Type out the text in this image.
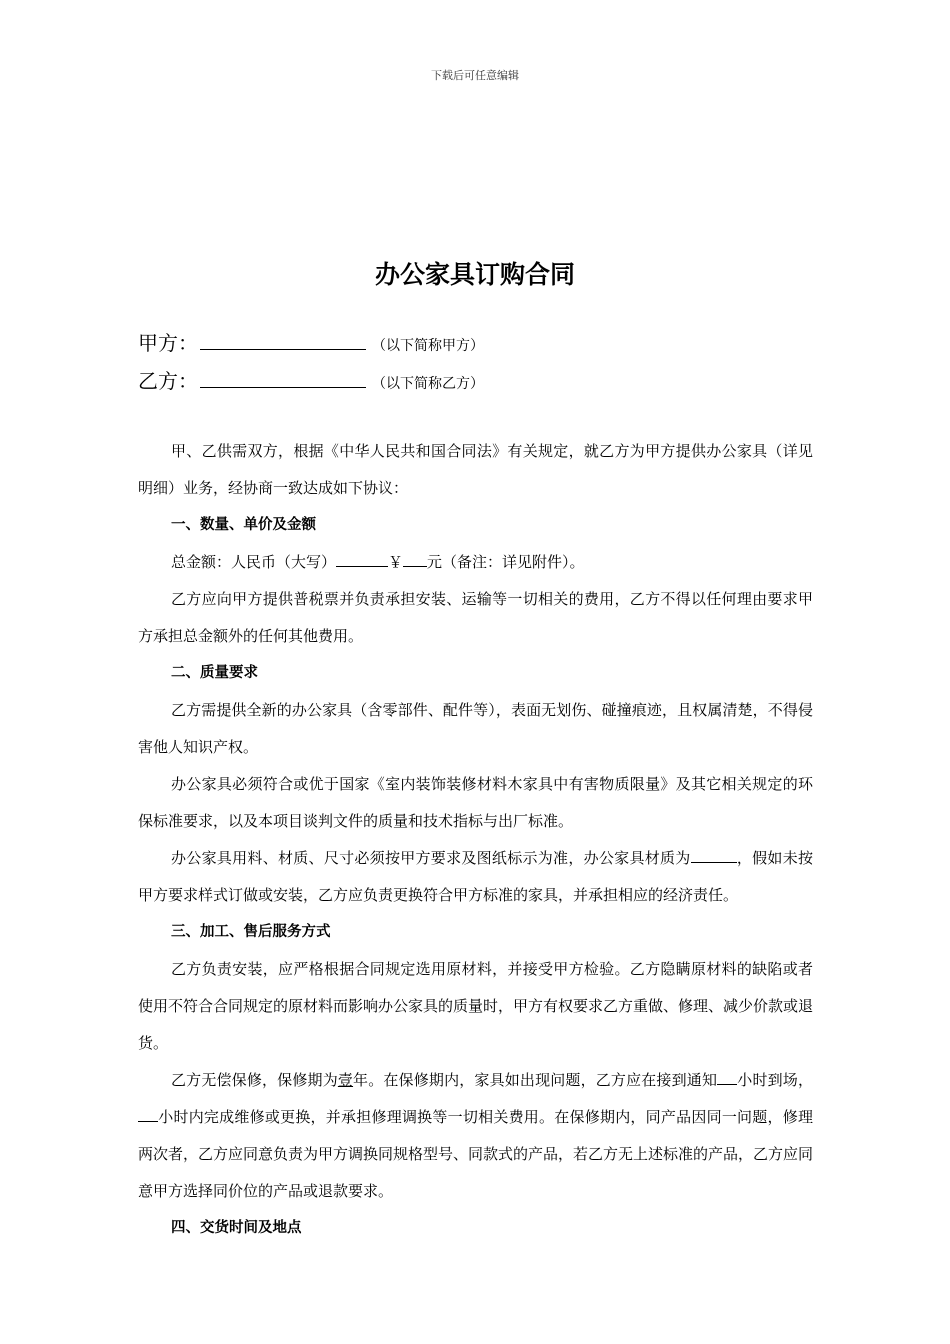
下载后可任意编辑
办公家具订购合同
甲方：	（以下简称甲方）
乙方：	（以下简称乙方）

甲、乙供需双方，根据《中华人民共和国合同法》有关规定，就乙方为甲方提供办公家具（详见明细）业务，经协商一致达成如下协议：

一、数量、单价及金额

总金额：人民币（大写）	￥ 元（备注：详见附件）。

乙方应向甲方提供普税票并负责承担安装、运输等一切相关的费用，乙方不得以任何理由要求甲方承担总金额外的任何其他费用。

二、质量要求

乙方需提供全新的办公家具（含零部件、配件等），表面无划伤、碰撞痕迹，且权属清楚，不得侵害他人知识产权。

办公家具必须符合或优于国家《室内装饰装修材料木家具中有害物质限量》及其它相关规定的环保标准要求，以及本项目谈判文件的质量和技术指标与出厂标准。

办公家具用料、材质、尺寸必须按甲方要求及图纸标示为准，办公家具材质为	，假如未按甲方要求样式订做或安装，乙方应负责更换符合甲方标准的家具，并承担相应的经济责任。

三、加工、售后服务方式

乙方负责安装，应严格根据合同规定选用原材料，并接受甲方检验。乙方隐瞒原材料的缺陷或者使用不符合合同规定的原材料而影响办公家具的质量时，甲方有权要求乙方重做、修理、减少价款或退货。

乙方无偿保修，保修期为壹年。在保修期内，家具如出现问题，乙方应在接到通知 小时到场，小时内完成维修或更换，并承担修理调换等一切相关费用。在保修期内，同产品因同一问题，修理两次者，乙方应同意负责为甲方调换同规格型号、同款式的产品，若乙方无上述标准的产品，乙方应同意甲方选择同价位的产品或退款要求。

四、交货时间及地点
